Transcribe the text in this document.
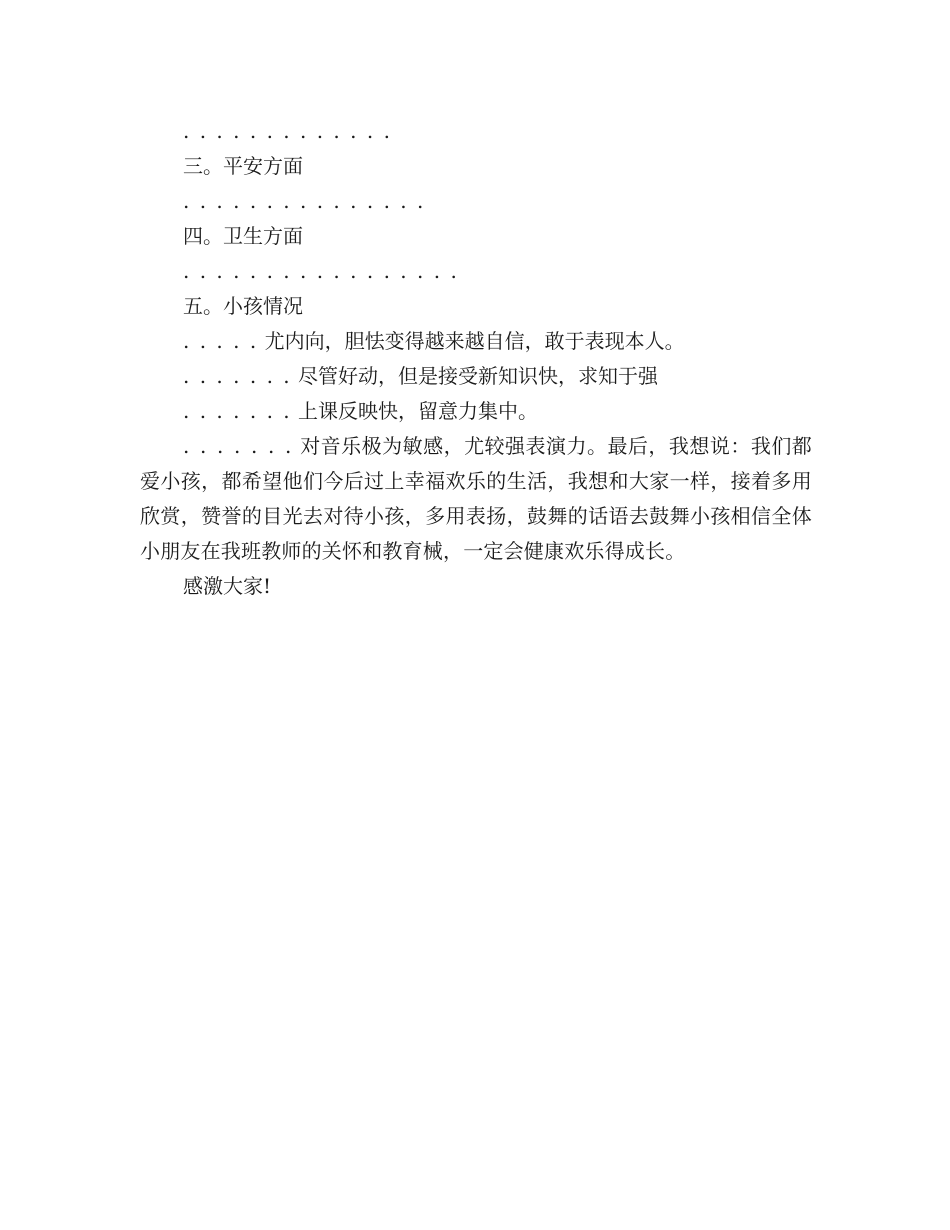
. . . . . . . . . . . . .
三。平安方面
. . . . . . . . . . . . . . .
四。卫生方面
. . . . . . . . . . . . . . . . .
五。小孩情况
. . . . . 尤内向，胆怯变得越来越自信，敢于表现本人。
. . . . . . . 尽管好动，但是接受新知识快，求知于强
. . . . . . . 上课反映快，留意力集中。
. . . . . . . 对音乐极为敏感，尤较强表演力。最后，我想说：我们都爱小孩，都希望他们今后过上幸福欢乐的生活，我想和大家一样，接着多用欣赏，赞誉的目光去对待小孩，多用表扬，鼓舞的话语去鼓舞小孩相信全体小朋友在我班教师的关怀和教育械，一定会健康欢乐得成长。
感激大家!
